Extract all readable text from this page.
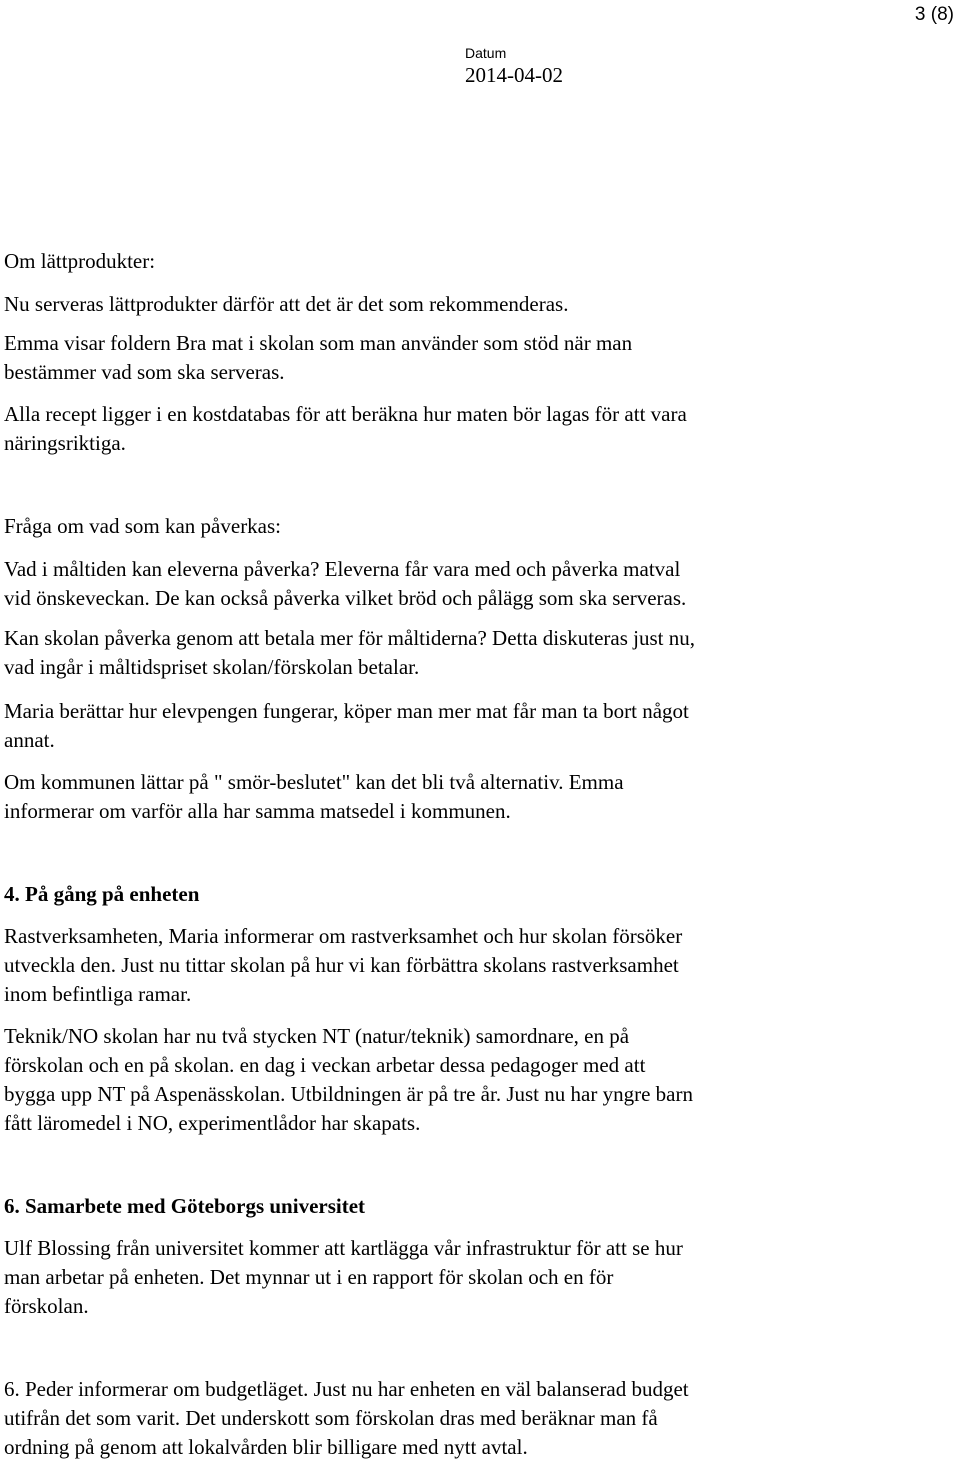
3 (8)
Datum
2014-04-02

Om lättprodukter:

Nu serveras lättprodukter därför att det är det som rekommenderas.

Emma visar foldern Bra mat i skolan som man använder som stöd när man
bestämmer vad som ska serveras.

Alla recept ligger i en kostdatabas för att beräkna hur maten bör lagas för att vara
näringsriktiga.

Fråga om vad som kan påverkas:

Vad i måltiden kan eleverna påverka? Eleverna får vara med och påverka matval
vid önskeveckan. De kan också påverka vilket bröd och pålägg som ska serveras.

Kan skolan påverka genom att betala mer för måltiderna? Detta diskuteras just nu,
vad ingår i måltidspriset skolan/förskolan betalar.

Maria berättar hur elevpengen fungerar, köper man mer mat får man ta bort något
annat.

Om kommunen lättar på " smör-beslutet" kan det bli två alternativ. Emma
informerar om varför alla har samma matsedel i kommunen.

4. På gång på enheten

Rastverksamheten, Maria informerar om rastverksamhet och hur skolan försöker
utveckla den. Just nu tittar skolan på hur vi kan förbättra skolans rastverksamhet
inom befintliga ramar.

Teknik/NO skolan har nu två stycken NT (natur/teknik) samordnare, en på
förskolan och en på skolan. en dag i veckan arbetar dessa pedagoger med att
bygga upp NT på Aspenässkolan. Utbildningen är på tre år. Just nu har yngre barn
fått läromedel i NO, experimentlådor har skapats.

6. Samarbete med Göteborgs universitet

Ulf Blossing från universitet kommer att kartlägga vår infrastruktur för att se hur
man arbetar på enheten. Det mynnar ut i en rapport för skolan och en för
förskolan.

6. Peder informerar om budgetläget. Just nu har enheten en väl balanserad budget
utifrån det som varit. Det underskott som förskolan dras med beräknar man få
ordning på genom att lokalvården blir billigare med nytt avtal.
